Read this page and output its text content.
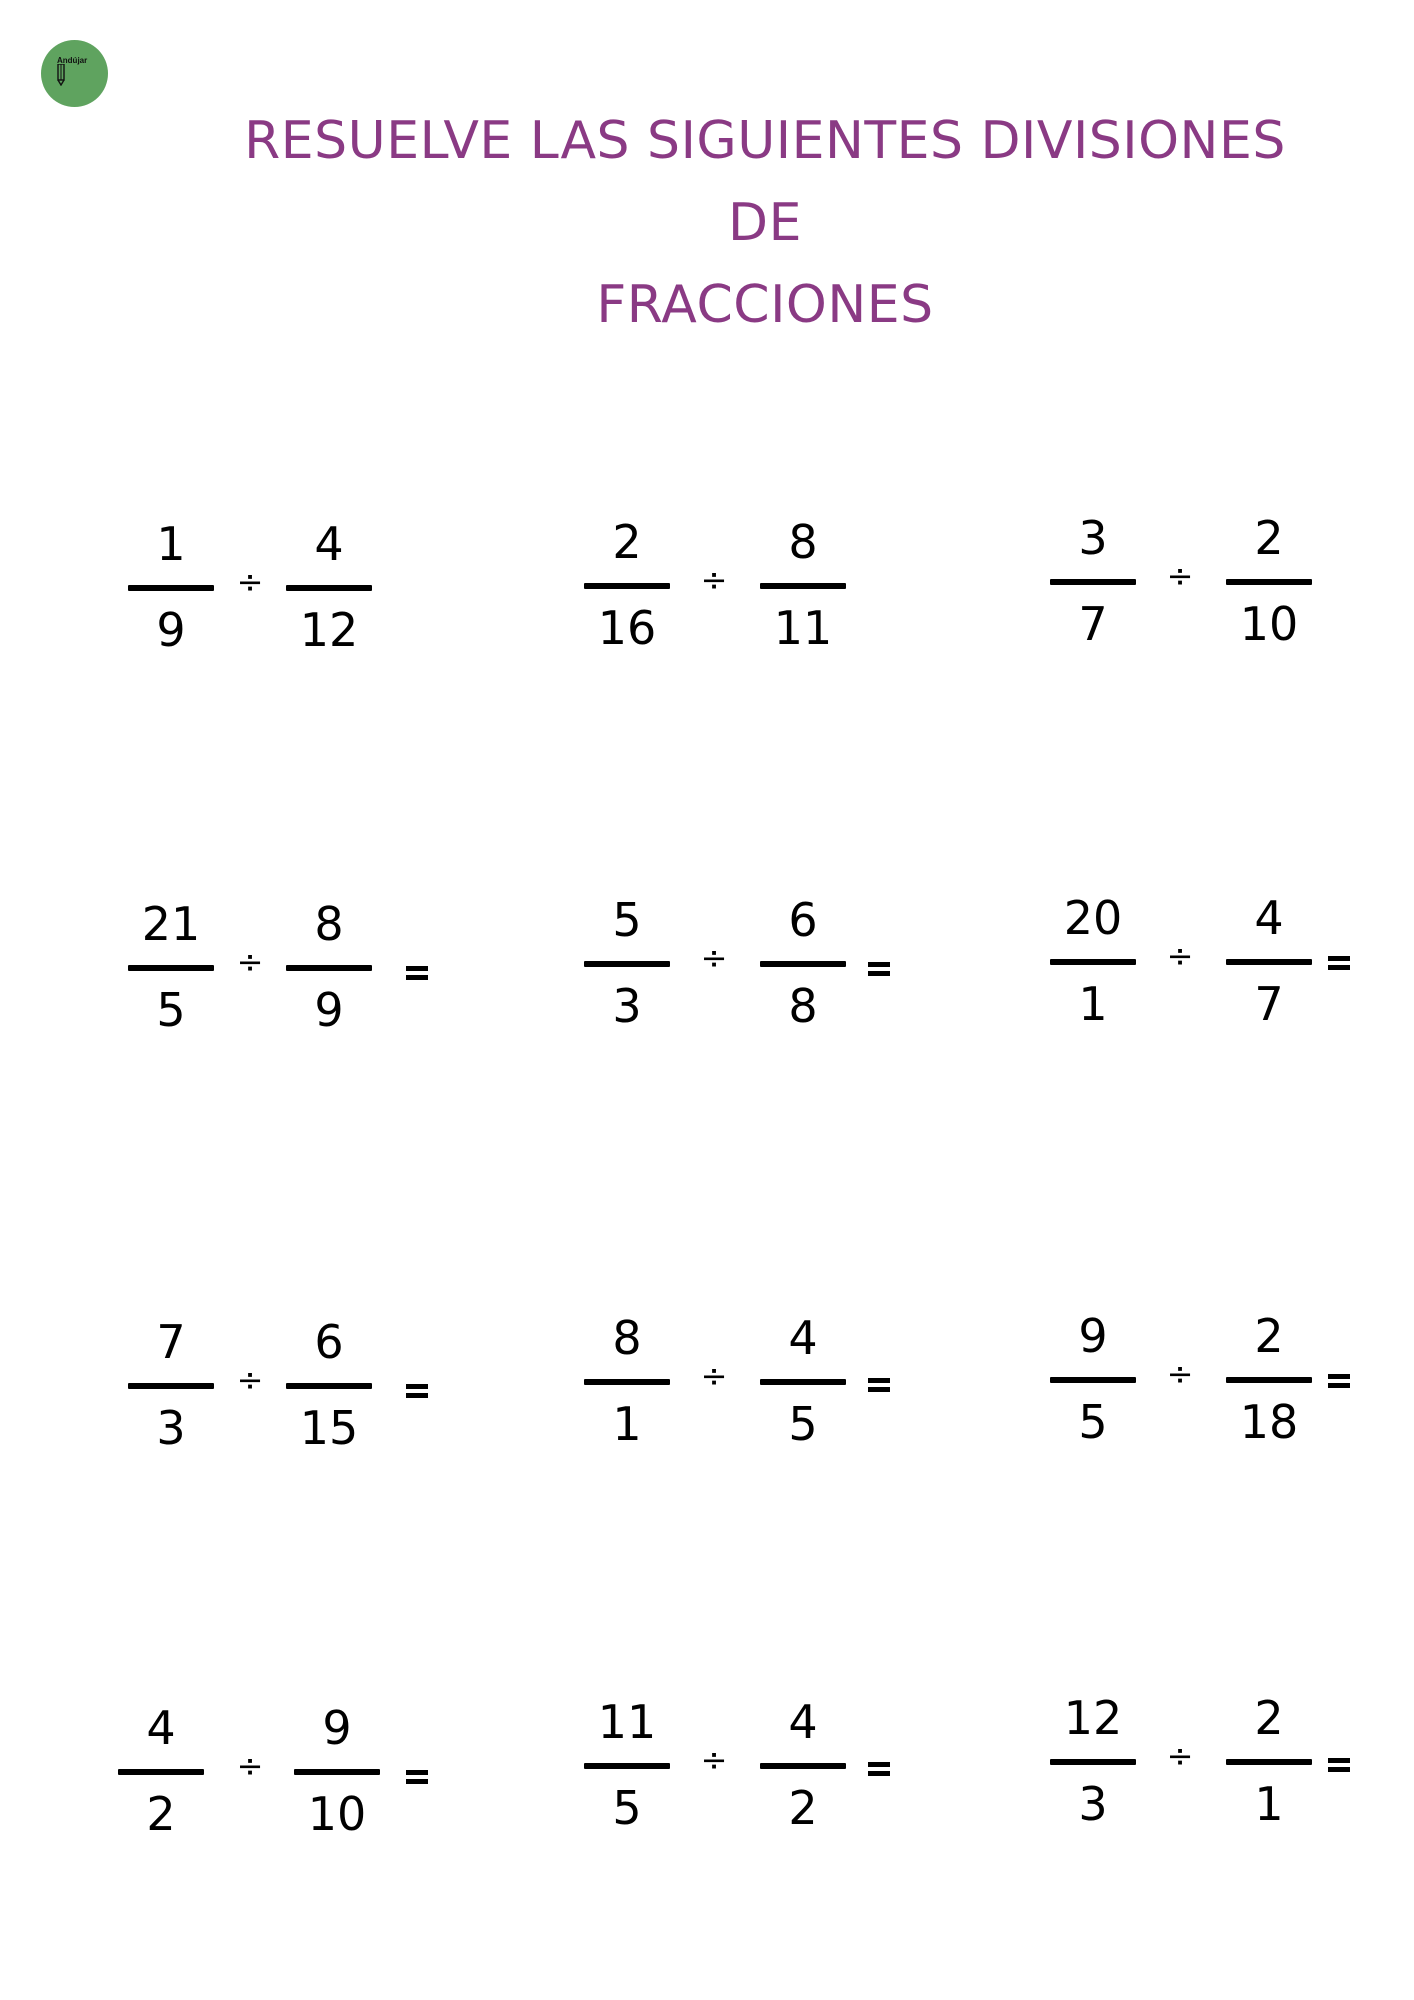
Andújar
RESUELVE LAS SIGUIENTES DIVISIONES DE
FRACCIONES
1
9
÷
4
12
2
16
÷
8
11
3
7
÷
2
10
21
5
÷
8
9
5
3
÷
6
8
20
1
÷
4
7
7
3
÷
6
15
8
1
÷
4
5
9
5
÷
2
18
4
2
÷
9
10
11
5
÷
4
2
12
3
÷
2
1
